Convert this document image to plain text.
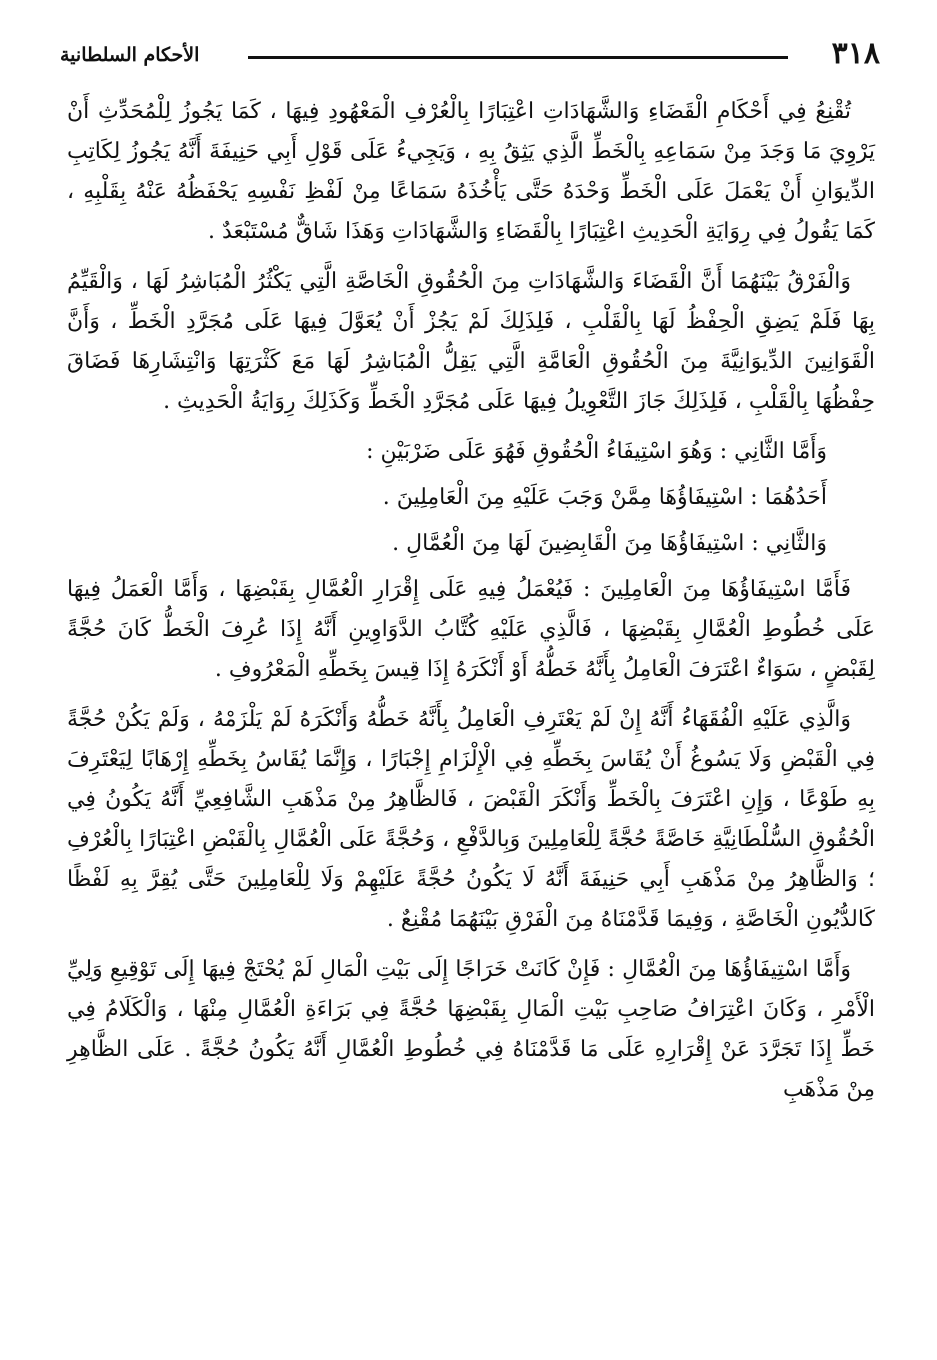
٣١٨
الأحكام السلطانية

تُقْنِعُ فِي أَحْكَامِ الْقَضَاءِ وَالشَّهَادَاتِ اعْتِبَارًا بِالْعُرْفِ الْمَعْهُودِ فِيهَا ، كَمَا يَجُوزُ لِلْمُحَدِّثِ أَنْ يَرْوِيَ مَا وَجَدَ مِنْ سَمَاعِهِ بِالْخَطِّ الَّذِي يَثِقُ بِهِ ، وَيَجِيءُ عَلَى قَوْلِ أَبِي حَنِيفَةَ أَنَّهُ يَجُوزُ لِكَاتِبِ الدِّيوَانِ أَنْ يَعْمَلَ عَلَى الْخَطِّ وَحْدَهُ حَتَّى يَأْخُذَهُ سَمَاعًا مِنْ لَفْظِ نَفْسِهِ يَحْفَظُهُ عَنْهُ بِقَلْبِهِ ، كَمَا يَقُولُ فِي رِوَايَةِ الْحَدِيثِ اعْتِبَارًا بِالْقَضَاءِ وَالشَّهَادَاتِ وَهَذَا شَاقٌّ مُسْتَبْعَدٌ .

وَالْفَرْقُ بَيْنَهُمَا أَنَّ الْقَضَاءَ وَالشَّهَادَاتِ مِنَ الْحُقُوقِ الْخَاصَّةِ الَّتِي يَكْثُرُ الْمُبَاشِرُ لَهَا ، وَالْقَيِّمُ بِهَا فَلَمْ يَضِقِ الْحِفْظُ لَهَا بِالْقَلْبِ ، فَلِذَلِكَ لَمْ يَجُزْ أَنْ يُعَوَّلَ فِيهَا عَلَى مُجَرَّدِ الْخَطِّ ، وَأَنَّ الْقَوَانِينَ الدِّيوَانِيَّةَ مِنَ الْحُقُوقِ الْعَامَّةِ الَّتِي يَقِلُّ الْمُبَاشِرُ لَهَا مَعَ كَثْرَتِهَا وَانْتِشَارِهَا فَضَاقَ حِفْظُهَا بِالْقَلْبِ ، فَلِذَلِكَ جَازَ التَّعْوِيلُ فِيهَا عَلَى مُجَرَّدِ الْخَطِّ وَكَذَلِكَ رِوَايَةُ الْحَدِيثِ .

وَأَمَّا الثَّانِي : وَهُوَ اسْتِيفَاءُ الْحُقُوقِ فَهُوَ عَلَى ضَرْبَيْنِ :

أَحَدُهُمَا : اسْتِيفَاؤُهَا مِمَّنْ وَجَبَ عَلَيْهِ مِنَ الْعَامِلِينَ .

وَالثَّانِي : اسْتِيفَاؤُهَا مِنَ الْقَابِضِينَ لَهَا مِنَ الْعُمَّالِ .

فَأَمَّا اسْتِيفَاؤُهَا مِنَ الْعَامِلِينَ : فَيُعْمَلُ فِيهِ عَلَى إِقْرَارِ الْعُمَّالِ بِقَبْضِهَا ، وَأَمَّا الْعَمَلُ فِيهَا عَلَى خُطُوطِ الْعُمَّالِ بِقَبْضِهَا ، فَالَّذِي عَلَيْهِ كُتَّابُ الدَّوَاوِينِ أَنَّهُ إِذَا عُرِفَ الْخَطُّ كَانَ حُجَّةً لِقَبْضٍ ، سَوَاءٌ اعْتَرَفَ الْعَامِلُ بِأَنَّهُ خَطُّهُ أَوْ أَنْكَرَهُ إِذَا قِيسَ بِخَطِّهِ الْمَعْرُوفِ .

وَالَّذِي عَلَيْهِ الْفُقَهَاءُ أَنَّهُ إِنْ لَمْ يَعْتَرِفِ الْعَامِلُ بِأَنَّهُ خَطُّهُ وَأَنْكَرَهُ لَمْ يَلْزَمْهُ ، وَلَمْ يَكُنْ حُجَّةً فِي الْقَبْضِ وَلَا يَسُوغُ أَنْ يُقَاسَ بِخَطِّهِ فِي الْإِلْزَامِ إِجْبَارًا ، وَإِنَّمَا يُقَاسُ بِخَطِّهِ إِرْهَابًا لِيَعْتَرِفَ بِهِ طَوْعًا ، وَإِنِ اعْتَرَفَ بِالْخَطِّ وَأَنْكَرَ الْقَبْضَ ، فَالظَّاهِرُ مِنْ مَذْهَبِ الشَّافِعِيِّ أَنَّهُ يَكُونُ فِي الْحُقُوقِ السُّلْطَانِيَّةِ خَاصَّةً حُجَّةً لِلْعَامِلِينَ وَبِالدَّفْعِ ، وَحُجَّةً عَلَى الْعُمَّالِ بِالْقَبْضِ اعْتِبَارًا بِالْعُرْفِ ؛ وَالظَّاهِرُ مِنْ مَذْهَبِ أَبِي حَنِيفَةَ أَنَّهُ لَا يَكُونُ حُجَّةً عَلَيْهِمْ وَلَا لِلْعَامِلِينَ حَتَّى يُقِرَّ بِهِ لَفْظًا كَالدُّيُونِ الْخَاصَّةِ ، وَفِيمَا قَدَّمْنَاهُ مِنَ الْفَرْقِ بَيْنَهُمَا مُقْنِعٌ .

وَأَمَّا اسْتِيفَاؤُهَا مِنَ الْعُمَّالِ : فَإِنْ كَانَتْ خَرَاجًا إِلَى بَيْتِ الْمَالِ لَمْ يُحْتَجْ فِيهَا إِلَى تَوْقِيعِ وَلِيِّ الْأَمْرِ ، وَكَانَ اعْتِرَافُ صَاحِبِ بَيْتِ الْمَالِ بِقَبْضِهَا حُجَّةً فِي بَرَاءَةِ الْعُمَّالِ مِنْهَا ، وَالْكَلَامُ فِي خَطِّ إِذَا تَجَرَّدَ عَنْ إِقْرَارِهِ عَلَى مَا قَدَّمْنَاهُ فِي خُطُوطِ الْعُمَّالِ أَنَّهُ يَكُونُ حُجَّةً . عَلَى الظَّاهِرِ مِنْ مَذْهَبِ
